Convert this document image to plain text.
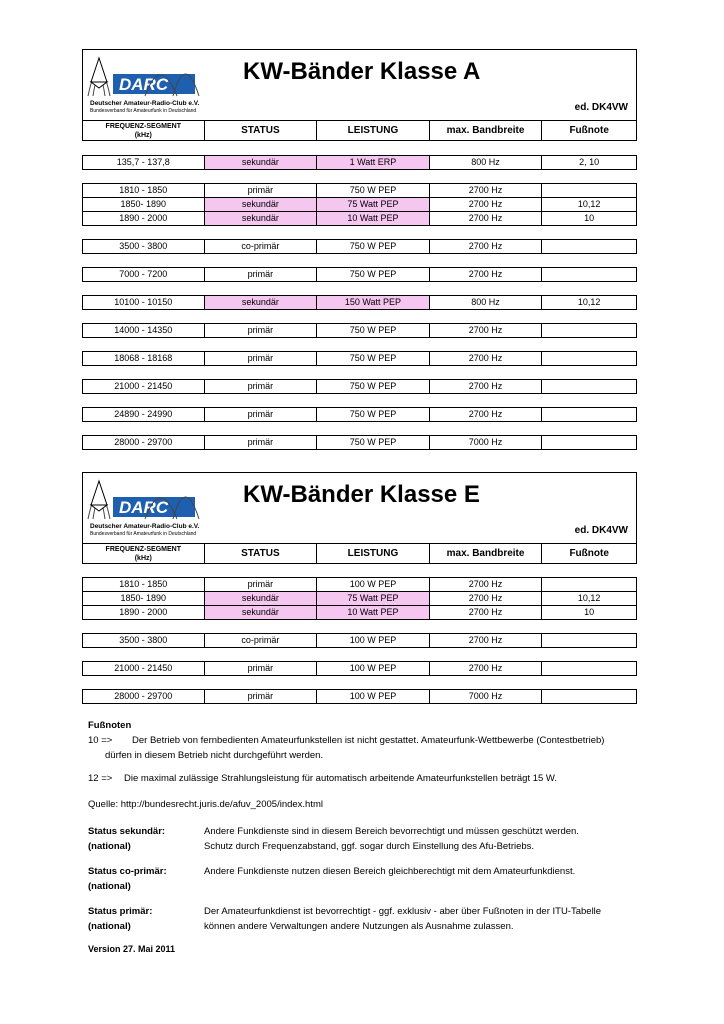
DARC
Deutscher Amateur-Radio-Club e.V.
Bundesverband für Amateurfunk in Deutschland
KW-Bänder Klasse A
ed. DK4VW
FREQUENZ-SEGMENT
(kHz)	STATUS	LEISTUNG	max. Bandbreite	Fußnote
135,7 - 137,8	sekundär	1 Watt ERP	800 Hz	2, 10
1810 - 1850	primär	750 W PEP	2700 Hz
1850- 1890	sekundär	75 Watt PEP	2700 Hz	10,12
1890 - 2000	sekundär	10 Watt PEP	2700 Hz	10
3500 - 3800	co-primär	750 W PEP	2700 Hz
7000 - 7200	primär	750 W PEP	2700 Hz
10100 - 10150	sekundär	150 Watt PEP	800 Hz	10,12
14000 - 14350	primär	750 W PEP	2700 Hz
18068 - 18168	primär	750 W PEP	2700 Hz
21000 - 21450	primär	750 W PEP	2700 Hz
24890 - 24990	primär	750 W PEP	2700 Hz
28000 - 29700	primär	750 W PEP	7000 Hz
DARC
Deutscher Amateur-Radio-Club e.V.
Bundesverband für Amateurfunk in Deutschland
KW-Bänder Klasse E
ed. DK4VW
FREQUENZ-SEGMENT
(kHz)	STATUS	LEISTUNG	max. Bandbreite	Fußnote
1810 - 1850	primär	100 W PEP	2700 Hz
1850- 1890	sekundär	75 Watt PEP	2700 Hz	10,12
1890 - 2000	sekundär	10 Watt PEP	2700 Hz	10
3500 - 3800	co-primär	100 W PEP	2700 Hz
21000 - 21450	primär	100 W PEP	2700 Hz
28000 - 29700	primär	100 W PEP	7000 Hz
Fußnoten
10 => Der Betrieb von fernbedienten Amateurfunkstellen ist nicht gestattet. Amateurfunk-Wettbewerbe (Contestbetrieb)
dürfen in diesem Betrieb nicht durchgeführt werden.
12 => Die maximal zulässige Strahlungsleistung für automatisch arbeitende Amateurfunkstellen beträgt 15 W.
Quelle: http://bundesrecht.juris.de/afuv_2005/index.html
Status sekundär:
(national)
Andere Funkdienste sind in diesem Bereich bevorrechtigt und müssen geschützt werden.
Schutz durch Frequenzabstand, ggf. sogar durch Einstellung des Afu-Betriebs.
Status co-primär:
(national)
Andere Funkdienste nutzen diesen Bereich gleichberechtigt mit dem Amateurfunkdienst.
Status primär:
(national)
Der Amateurfunkdienst ist bevorrechtigt - ggf. exklusiv - aber über Fußnoten in der ITU-Tabelle
können andere Verwaltungen andere Nutzungen als Ausnahme zulassen.
Version 27. Mai 2011
